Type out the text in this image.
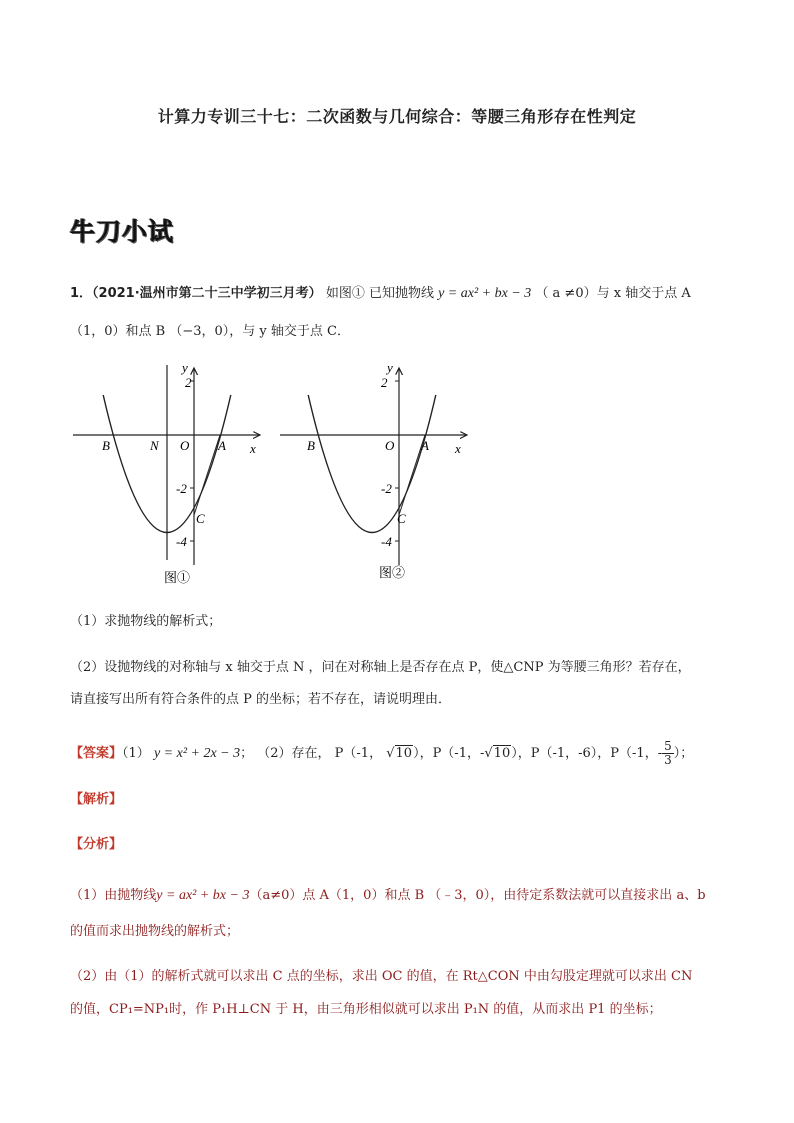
计算力专训三十七：二次函数与几何综合：等腰三角形存在性判定
牛刀小试
1．（2021·温州市第二十三中学初三月考） 如图① 已知抛物线 y = ax² + bx − 3 （ a ≠0）与 x 轴交于点 A
（1，0）和点 B （−3，0），与 y 轴交于点 C．
2
-2
-4
y
x
B	N O A
C
图①
2
-2
-4
y
x
B	O A
C
图②
（1）求抛物线的解析式；
（2）设抛物线的对称轴与 x 轴交于点 N ，问在对称轴上是否存在点 P，使△CNP 为等腰三角形？若存在，
请直接写出所有符合条件的点 P 的坐标；若不存在，请说明理由．
【答案】（1） y = x² + 2x − 3； （2）存在， P（-1， √10），P（-1，-√10），P（-1，-6），P（-1，- $\frac{5}{3}$ ）；
【解析】
【分析】
（1）由抛物线y = ax² + bx − 3（a≠0）点 A（1，0）和点 B （﹣3，0），由待定系数法就可以直接求出 a、b
的值而求出抛物线的解析式；
（2）由（1）的解析式就可以求出 C 点的坐标，求出 OC 的值，在 Rt△CON 中由勾股定理就可以求出 CN
的值，CP₁=NP₁时，作 P₁H⊥CN 于 H，由三角形相似就可以求出 P₁N 的值，从而求出 P1 的坐标；
